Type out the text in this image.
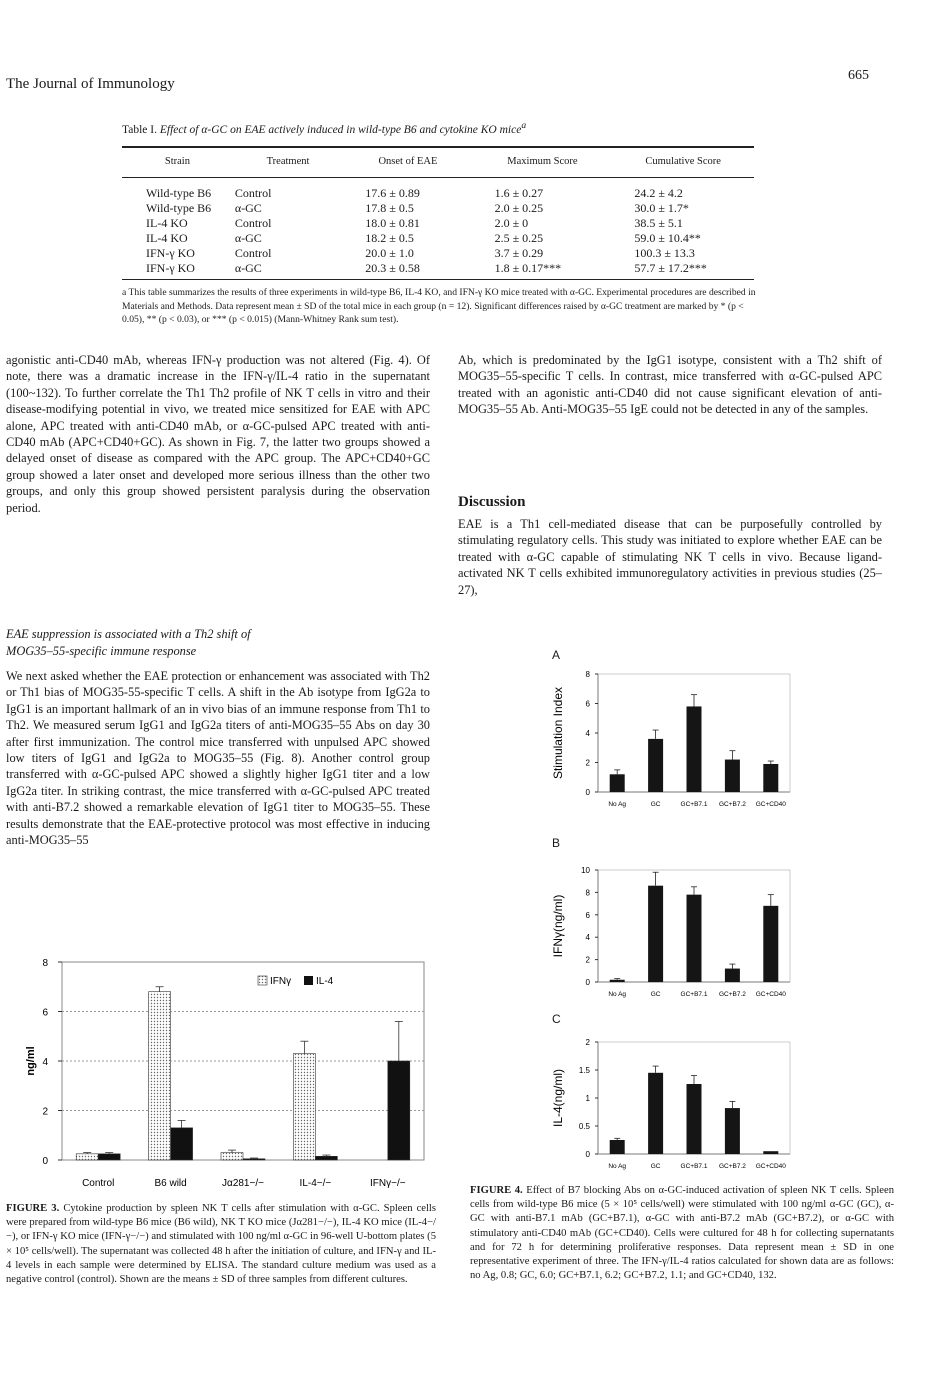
The Journal of Immunology
665
Table I. Effect of α-GC on EAE actively induced in wild-type B6 and cytokine KO mice$^a$
Strain	Treatment	Onset of EAE	Maximum Score	Cumulative Score
Wild-type B6	Control	17.6 ± 0.89	1.6 ± 0.27	24.2 ± 4.2
Wild-type B6	α-GC	17.8 ± 0.5	2.0 ± 0.25	30.0 ± 1.7*
IL-4 KO	Control	18.0 ± 0.81	2.0 ± 0	38.5 ± 5.1
IL-4 KO	α-GC	18.2 ± 0.5	2.5 ± 0.25	59.0 ± 10.4**
IFN-γ KO	Control	20.0 ± 1.0	3.7 ± 0.29	100.3 ± 13.3
IFN-γ KO	α-GC	20.3 ± 0.58	1.8 ± 0.17***	57.7 ± 17.2***
a This table summarizes the results of three experiments in wild-type B6, IL-4 KO, and IFN-γ KO mice treated with α-GC. Experimental procedures are described in Materials and Methods. Data represent mean ± SD of the total mice in each group (n = 12). Significant differences raised by α-GC treatment are marked by * (p < 0.05), ** (p < 0.03), or *** (p < 0.015) (Mann-Whitney Rank sum test).
agonistic anti-CD40 mAb, whereas IFN-γ production was not altered (Fig. 4). Of note, there was a dramatic increase in the IFN-γ/IL-4 ratio in the supernatant (100~132). To further correlate the Th1 Th2 profile of NK T cells in vitro and their disease-modifying potential in vivo, we treated mice sensitized for EAE with APC alone, APC treated with anti-CD40 mAb, or α-GC-pulsed APC treated with anti-CD40 mAb (APC+CD40+GC). As shown in Fig. 7, the latter two groups showed a delayed onset of disease as compared with the APC group. The APC+CD40+GC group showed a later onset and developed more serious illness than the other two groups, and only this group showed persistent paralysis during the observation period.
EAE suppression is associated with a Th2 shift of
MOG35–55-specific immune response
We next asked whether the EAE protection or enhancement was associated with Th2 or Th1 bias of MOG35-55-specific T cells. A shift in the Ab isotype from IgG2a to IgG1 is an important hallmark of an in vivo bias of an immune response from Th1 to Th2. We measured serum IgG1 and IgG2a titers of anti-MOG35–55 Abs on day 30 after first immunization. The control mice transferred with unpulsed APC showed low titers of IgG1 and IgG2a to MOG35–55 (Fig. 8). Another control group transferred with α-GC-pulsed APC showed a slightly higher IgG1 titer and a low IgG2a titer. In striking contrast, the mice transferred with α-GC-pulsed APC treated with anti-B7.2 showed a remarkable elevation of IgG1 titer to MOG35–55. These results demonstrate that the EAE-protective protocol was most effective in inducing anti-MOG35–55
Ab, which is predominated by the IgG1 isotype, consistent with a Th2 shift of MOG35–55-specific T cells. In contrast, mice transferred with α-GC-pulsed APC treated with an agonistic anti-CD40 did not cause significant elevation of anti-MOG35–55 Ab. Anti-MOG35–55 IgE could not be detected in any of the samples.
Discussion
EAE is a Th1 cell-mediated disease that can be purposefully controlled by stimulating regulatory cells. This study was initiated to explore whether EAE can be treated with α-GC capable of stimulating NK T cells in vivo. Because ligand-activated NK T cells exhibited immunoregulatory activities in previous studies (25–27),
0
2
4
6
8
ng/ml
Control	B6 wild	Jα281−/−	IL-4−/−	IFNγ−/−
IFNγ IL-4
FIGURE 3. Cytokine production by spleen NK T cells after stimulation with α-GC. Spleen cells were prepared from wild-type B6 mice (B6 wild), NK T KO mice (Jα281−/−), IL-4 KO mice (IL-4−/−), or IFN-γ KO mice (IFN-γ−/−) and stimulated with 100 ng/ml α-GC in 96-well U-bottom plates (5 × 10⁵ cells/well). The supernatant was collected 48 h after the initiation of culture, and IFN-γ and IL-4 levels in each sample were determined by ELISA. The standard culture medium was used as a negative control (control). Shown are the means ± SD of three samples from different cultures.
A
0
2
4
6
8
Stimulation Index
No Ag	GC	GC+B7.1 GC+B7.2 GC+CD40
B
0
2
4
6
8
10
IFNγ(ng/ml)
No Ag	GC	GC+B7.1 GC+B7.2 GC+CD40
C
0
0.5
1
1.5
2
IL-4(ng/ml)
No Ag	GC	GC+B7.1 GC+B7.2 GC+CD40
FIGURE 4. Effect of B7 blocking Abs on α-GC-induced activation of spleen NK T cells. Spleen cells from wild-type B6 mice (5 × 10⁵ cells/well) were stimulated with 100 ng/ml α-GC (GC), α-GC with anti-B7.1 mAb (GC+B7.1), α-GC with anti-B7.2 mAb (GC+B7.2), or α-GC with stimulatory anti-CD40 mAb (GC+CD40). Cells were cultured for 48 h for collecting supernatants and for 72 h for determining proliferative responses. Data represent mean ± SD in one representative experiment of three. The IFN-γ/IL-4 ratios calculated for shown data are as follows: no Ag, 0.8; GC, 6.0; GC+B7.1, 6.2; GC+B7.2, 1.1; and GC+CD40, 132.
